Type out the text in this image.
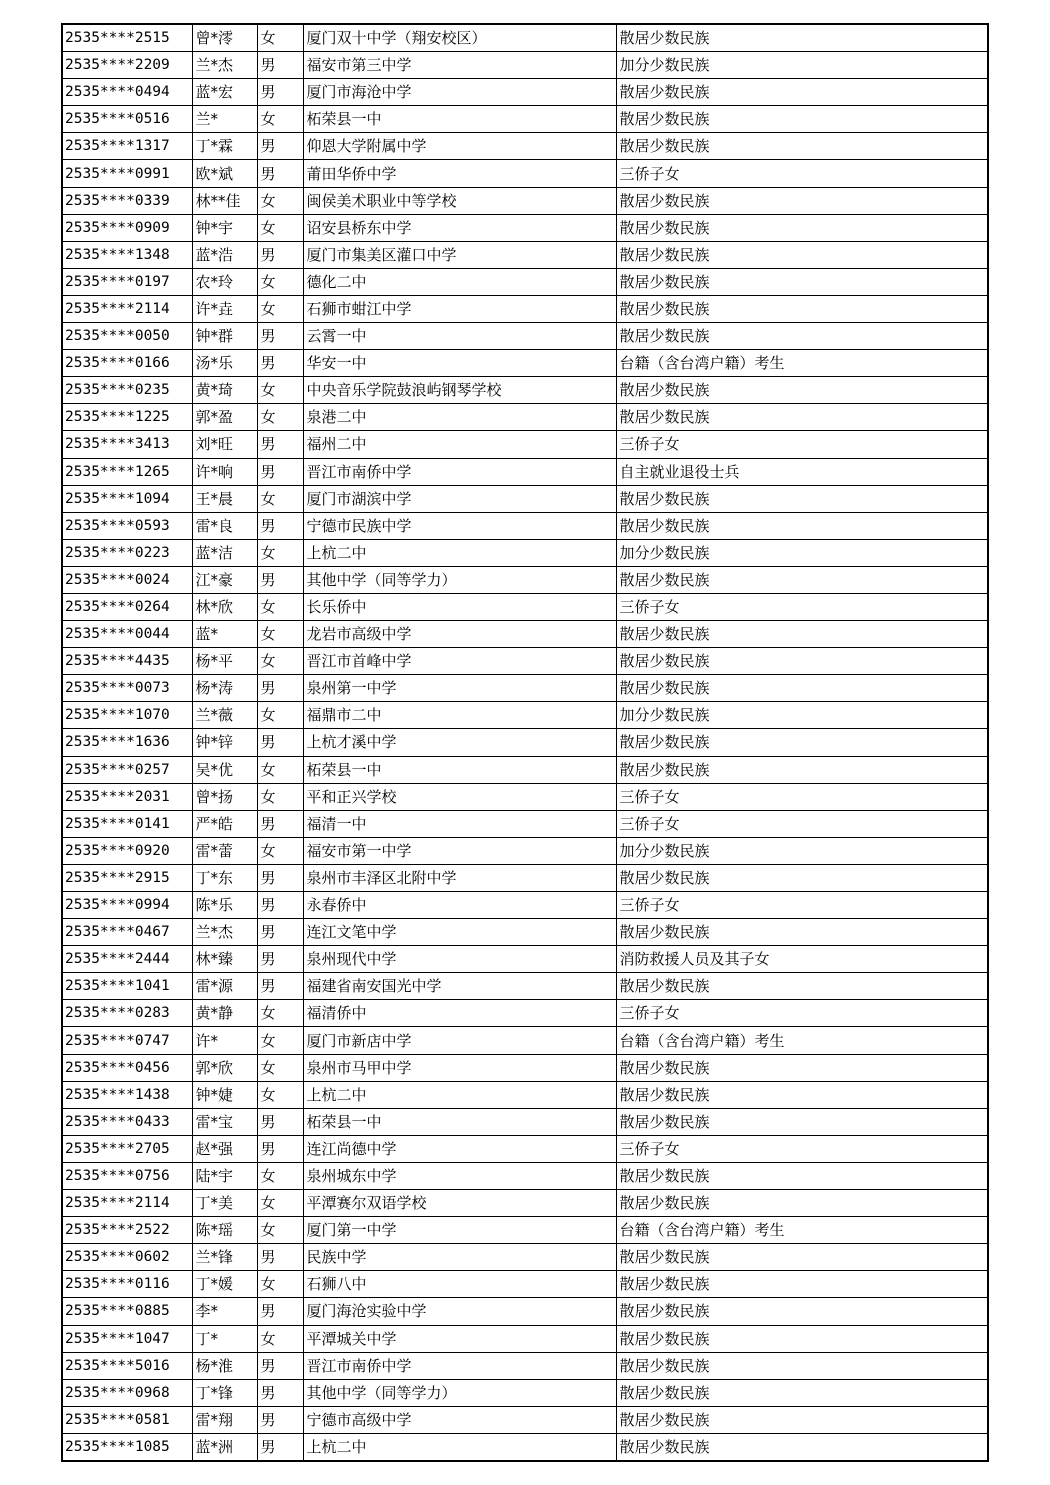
2535****2515	曾*澪	女	厦门双十中学（翔安校区）	散居少数民族
2535****2209	兰*杰	男	福安市第三中学	加分少数民族
2535****0494	蓝*宏	男	厦门市海沧中学	散居少数民族
2535****0516	兰*	女	柘荣县一中	散居少数民族
2535****1317	丁*霖	男	仰恩大学附属中学	散居少数民族
2535****0991	欧*斌	男	莆田华侨中学	三侨子女
2535****0339	林**佳	女	闽侯美术职业中等学校	散居少数民族
2535****0909	钟*宇	女	诏安县桥东中学	散居少数民族
2535****1348	蓝*浩	男	厦门市集美区灌口中学	散居少数民族
2535****0197	农*玲	女	德化二中	散居少数民族
2535****2114	许*垚	女	石狮市蚶江中学	散居少数民族
2535****0050	钟*群	男	云霄一中	散居少数民族
2535****0166	汤*乐	男	华安一中	台籍（含台湾户籍）考生
2535****0235	黄*琦	女	中央音乐学院鼓浪屿钢琴学校	散居少数民族
2535****1225	郭*盈	女	泉港二中	散居少数民族
2535****3413	刘*旺	男	福州二中	三侨子女
2535****1265	许*响	男	晋江市南侨中学	自主就业退役士兵
2535****1094	王*晨	女	厦门市湖滨中学	散居少数民族
2535****0593	雷*良	男	宁德市民族中学	散居少数民族
2535****0223	蓝*洁	女	上杭二中	加分少数民族
2535****0024	江*豪	男	其他中学（同等学力）	散居少数民族
2535****0264	林*欣	女	长乐侨中	三侨子女
2535****0044	蓝*	女	龙岩市高级中学	散居少数民族
2535****4435	杨*平	女	晋江市首峰中学	散居少数民族
2535****0073	杨*涛	男	泉州第一中学	散居少数民族
2535****1070	兰*薇	女	福鼎市二中	加分少数民族
2535****1636	钟*锌	男	上杭才溪中学	散居少数民族
2535****0257	吴*优	女	柘荣县一中	散居少数民族
2535****2031	曾*扬	女	平和正兴学校	三侨子女
2535****0141	严*皓	男	福清一中	三侨子女
2535****0920	雷*蕾	女	福安市第一中学	加分少数民族
2535****2915	丁*东	男	泉州市丰泽区北附中学	散居少数民族
2535****0994	陈*乐	男	永春侨中	三侨子女
2535****0467	兰*杰	男	连江文笔中学	散居少数民族
2535****2444	林*臻	男	泉州现代中学	消防救援人员及其子女
2535****1041	雷*源	男	福建省南安国光中学	散居少数民族
2535****0283	黄*静	女	福清侨中	三侨子女
2535****0747	许*	女	厦门市新店中学	台籍（含台湾户籍）考生
2535****0456	郭*欣	女	泉州市马甲中学	散居少数民族
2535****1438	钟*婕	女	上杭二中	散居少数民族
2535****0433	雷*宝	男	柘荣县一中	散居少数民族
2535****2705	赵*强	男	连江尚德中学	三侨子女
2535****0756	陆*宇	女	泉州城东中学	散居少数民族
2535****2114	丁*美	女	平潭赛尔双语学校	散居少数民族
2535****2522	陈*瑶	女	厦门第一中学	台籍（含台湾户籍）考生
2535****0602	兰*锋	男	民族中学	散居少数民族
2535****0116	丁*媛	女	石狮八中	散居少数民族
2535****0885	李*	男	厦门海沧实验中学	散居少数民族
2535****1047	丁*	女	平潭城关中学	散居少数民族
2535****5016	杨*淮	男	晋江市南侨中学	散居少数民族
2535****0968	丁*锋	男	其他中学（同等学力）	散居少数民族
2535****0581	雷*翔	男	宁德市高级中学	散居少数民族
2535****1085	蓝*洲	男	上杭二中	散居少数民族
